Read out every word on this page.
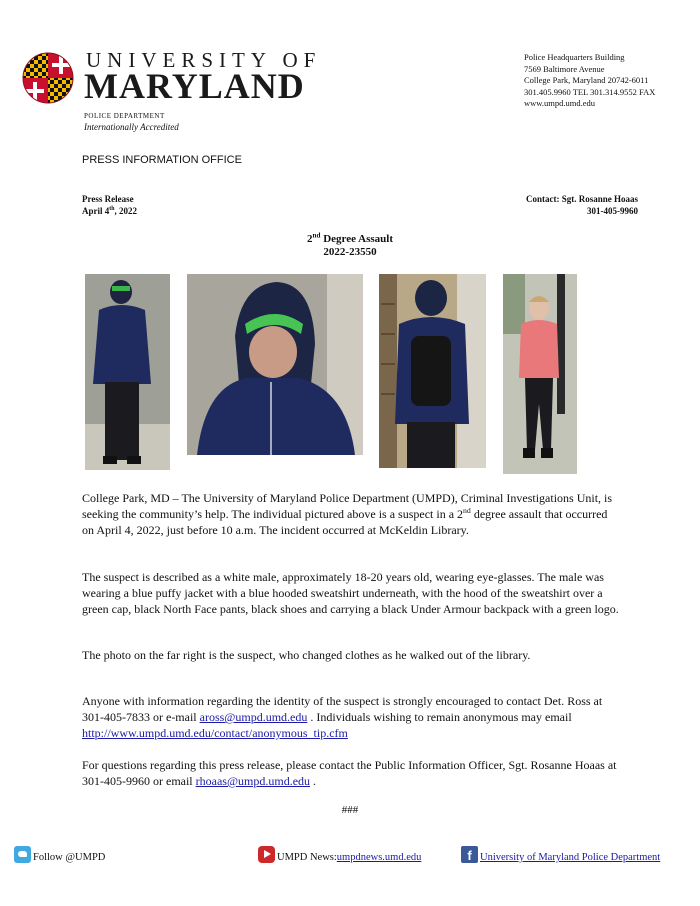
UNIVERSITY OF
MARYLAND
POLICE DEPARTMENT
Internationally Accredited
Police Headquarters Building
7569 Baltimore Avenue
College Park, Maryland 20742-6011
301.405.9960 TEL 301.314.9552 FAX
www.umpd.umd.edu
PRESS INFORMATION OFFICE
Press Release
April 4th, 2022
Contact: Sgt. Rosanne Hoaas
301-405-9960
2nd Degree Assault
2022-23550

College Park, MD – The University of Maryland Police Department (UMPD), Criminal Investigations Unit, is seeking the community’s help. The individual pictured above is a suspect in a 2nd degree assault that occurred on April 4, 2022, just before 10 a.m. The incident occurred at McKeldin Library.

The suspect is described as a white male, approximately 18-20 years old, wearing eye-glasses. The male was wearing a blue puffy jacket with a blue hooded sweatshirt underneath, with the hood of the sweatshirt over a green cap, black North Face pants, black shoes and carrying a black Under Armour backpack with a green logo.

The photo on the far right is the suspect, who changed clothes as he walked out of the library.

Anyone with information regarding the identity of the suspect is strongly encouraged to contact Det. Ross at 301-405-7833 or e-mail aross@umpd.umd.edu . Individuals wishing to remain anonymous may email http://www.umpd.umd.edu/contact/anonymous_tip.cfm

For questions regarding this press release, please contact the Public Information Officer, Sgt. Rosanne Hoaas at 301-405-9960 or email rhoaas@umpd.umd.edu .

###
Follow @UMPD	UMPD News: umpdnews.umd.edu	f University of Maryland Police Department
